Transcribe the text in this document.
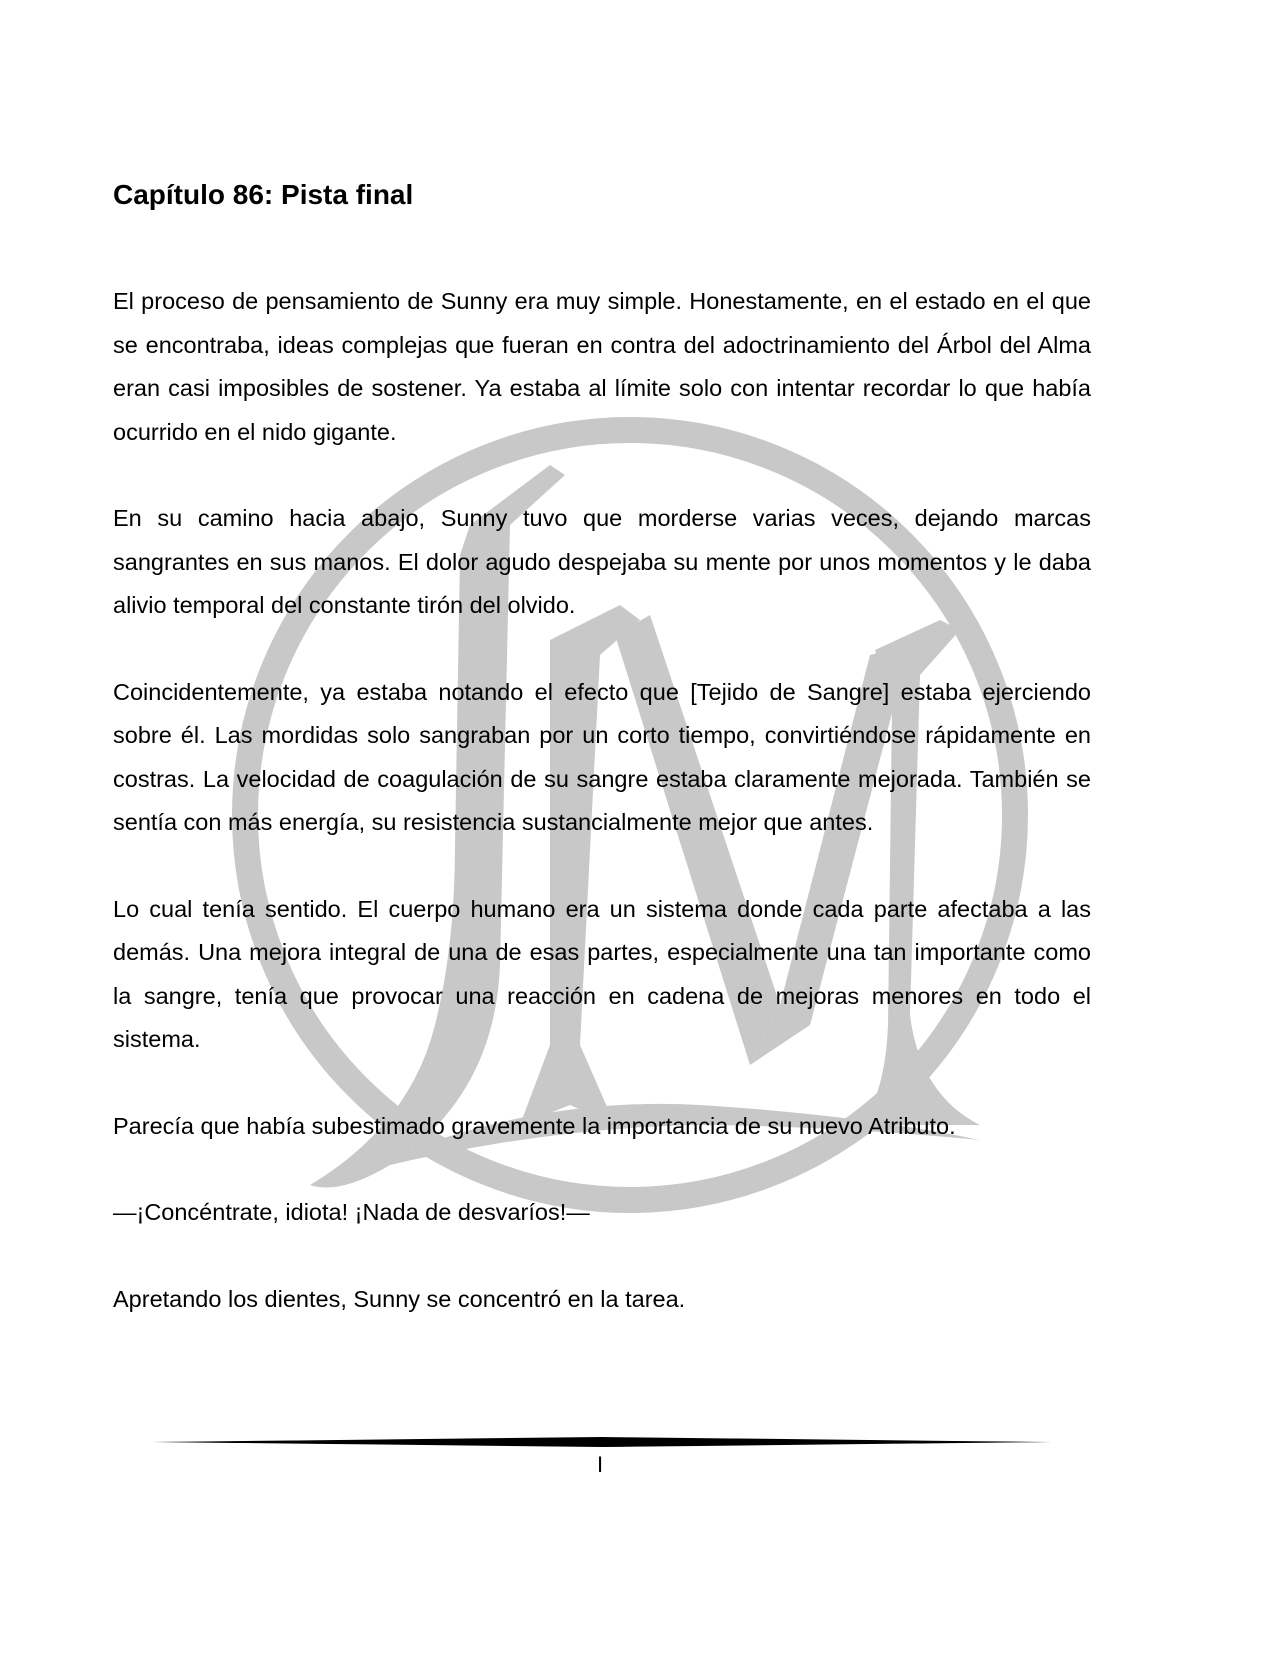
Capítulo 86: Pista final

El proceso de pensamiento de Sunny era muy simple. Honestamente, en el estado en el que se encontraba, ideas complejas que fueran en contra del adoctrinamiento del Árbol del Alma eran casi imposibles de sostener. Ya estaba al límite solo con intentar recordar lo que había ocurrido en el nido gigante.

En su camino hacia abajo, Sunny tuvo que morderse varias veces, dejando marcas sangrantes en sus manos. El dolor agudo despejaba su mente por unos momentos y le daba alivio temporal del constante tirón del olvido.

Coincidentemente, ya estaba notando el efecto que [Tejido de Sangre] estaba ejerciendo sobre él. Las mordidas solo sangraban por un corto tiempo, convirtiéndose rápidamente en costras. La velocidad de coagulación de su sangre estaba claramente mejorada. También se sentía con más energía, su resistencia sustancialmente mejor que antes.

Lo cual tenía sentido. El cuerpo humano era un sistema donde cada parte afectaba a las demás. Una mejora integral de una de esas partes, especialmente una tan importante como la sangre, tenía que provocar una reacción en cadena de mejoras menores en todo el sistema.

Parecía que había subestimado gravemente la importancia de su nuevo Atributo.

—¡Concéntrate, idiota! ¡Nada de desvaríos!—

Apretando los dientes, Sunny se concentró en la tarea.

I
